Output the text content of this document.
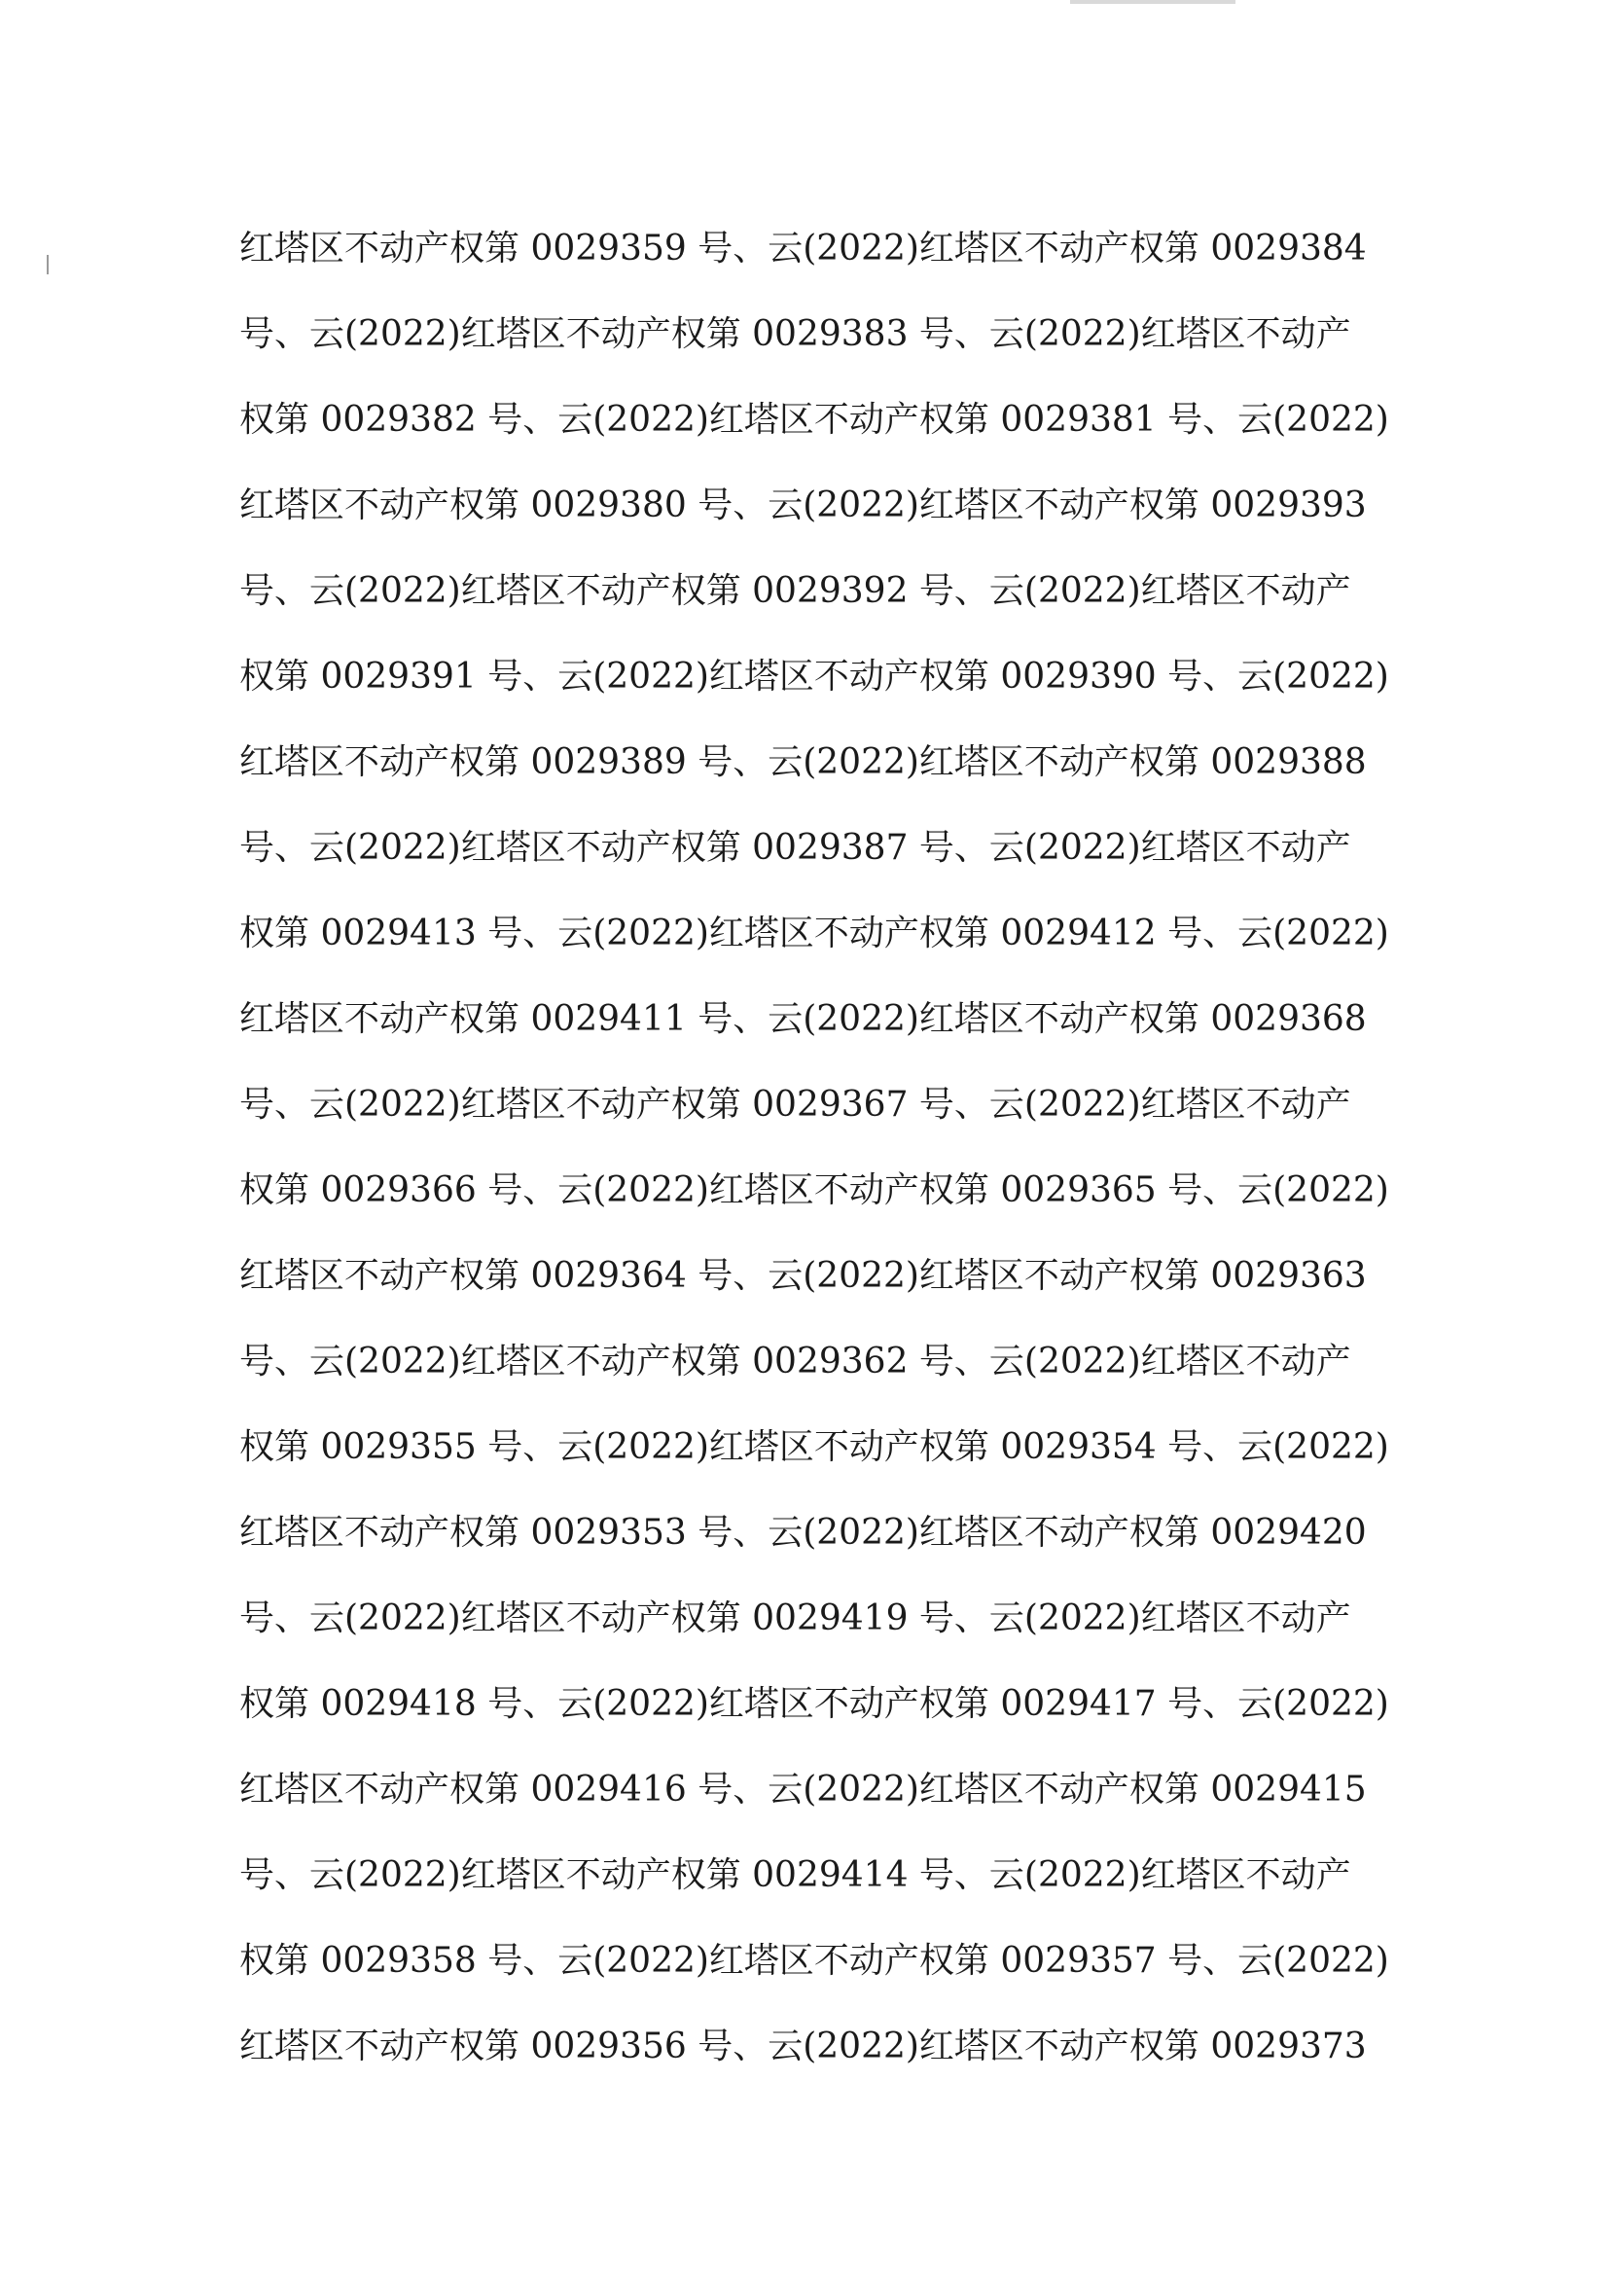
红塔区不动产权第 0029359 号、云(2022)红塔区不动产权第 0029384
号、云(2022)红塔区不动产权第 0029383 号、云(2022)红塔区不动产
权第 0029382 号、云(2022)红塔区不动产权第 0029381 号、云(2022)
红塔区不动产权第 0029380 号、云(2022)红塔区不动产权第 0029393
号、云(2022)红塔区不动产权第 0029392 号、云(2022)红塔区不动产
权第 0029391 号、云(2022)红塔区不动产权第 0029390 号、云(2022)
红塔区不动产权第 0029389 号、云(2022)红塔区不动产权第 0029388
号、云(2022)红塔区不动产权第 0029387 号、云(2022)红塔区不动产
权第 0029413 号、云(2022)红塔区不动产权第 0029412 号、云(2022)
红塔区不动产权第 0029411 号、云(2022)红塔区不动产权第 0029368
号、云(2022)红塔区不动产权第 0029367 号、云(2022)红塔区不动产
权第 0029366 号、云(2022)红塔区不动产权第 0029365 号、云(2022)
红塔区不动产权第 0029364 号、云(2022)红塔区不动产权第 0029363
号、云(2022)红塔区不动产权第 0029362 号、云(2022)红塔区不动产
权第 0029355 号、云(2022)红塔区不动产权第 0029354 号、云(2022)
红塔区不动产权第 0029353 号、云(2022)红塔区不动产权第 0029420
号、云(2022)红塔区不动产权第 0029419 号、云(2022)红塔区不动产
权第 0029418 号、云(2022)红塔区不动产权第 0029417 号、云(2022)
红塔区不动产权第 0029416 号、云(2022)红塔区不动产权第 0029415
号、云(2022)红塔区不动产权第 0029414 号、云(2022)红塔区不动产
权第 0029358 号、云(2022)红塔区不动产权第 0029357 号、云(2022)
红塔区不动产权第 0029356 号、云(2022)红塔区不动产权第 0029373
